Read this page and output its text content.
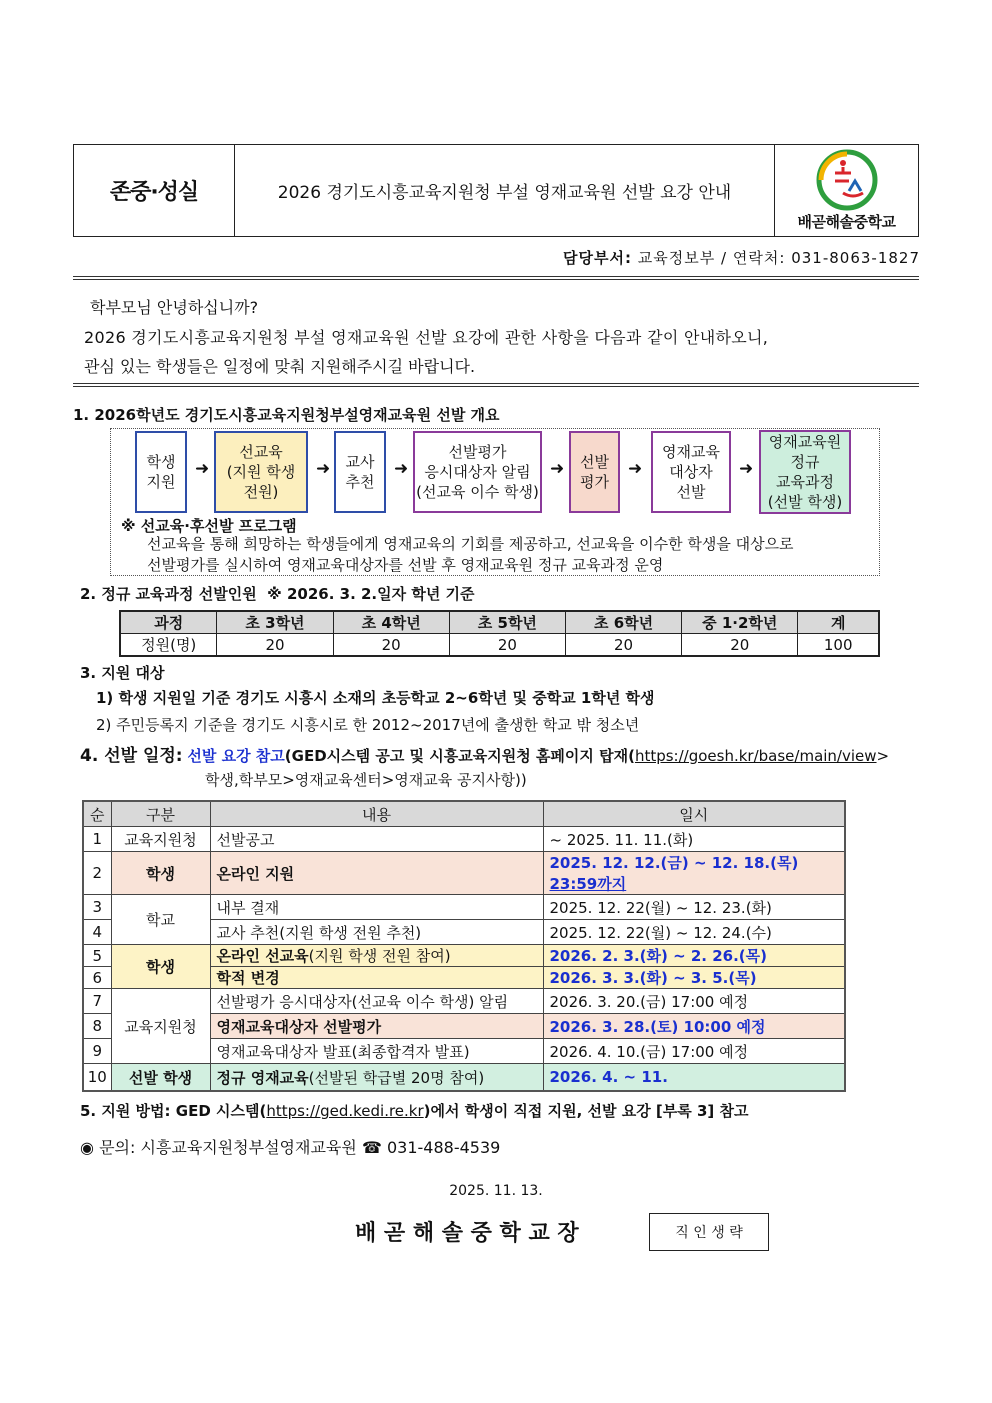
존중·성실	2026 경기도시흥교육지원청 부설 영재교육원 선발 요강 안내
배곧해솔중학교
담당부서: 교육정보부 / 연락처: 031-8063-1827
학부모님 안녕하십니까?
2026 경기도시흥교육지원청 부설 영재교육원 선발 요강에 관한 사항을 다음과 같이 안내하오니,
관심 있는 학생들은 일정에 맞춰 지원해주시길 바랍니다.
1. 2026학년도 경기도시흥교육지원청부설영재교육원 선발 개요
학생
지원
➜
선교육
(지원 학생
전원)
➜ 교사
추천
➜
선발평가
응시대상자 알림
(선교육 이수 학생)
➜ 선발
평가
➜
영재교육
대상자
선발
➜
영재교육원
정규
교육과정
(선발 학생)
※ 선교육·후선발 프로그램
선교육을 통해 희망하는 학생들에게 영재교육의 기회를 제공하고, 선교육을 이수한 학생을 대상으로
선발평가를 실시하여 영재교육대상자를 선발 후 영재교육원 정규 교육과정 운영
2. 정규 교육과정 선발인원 ※ 2026. 3. 2.일자 학년 기준
과정	초 3학년	초 4학년	초 5학년	초 6학년	중 1·2학년	계
정원(명)	20	20	20	20	20	100
3. 지원 대상
1) 학생 지원일 기준 경기도 시흥시 소재의 초등학교 2~6학년 및 중학교 1학년 학생
2) 주민등록지 기준을 경기도 시흥시로 한 2012~2017년에 출생한 학교 밖 청소년
4. 선발 일정: 선발 요강 참고(GED시스템 공고 및 시흥교육지원청 홈페이지 탑재(https://goesh.kr/base/main/view>
학생,학부모>영재교육센터>영재교육 공지사항))
순	구분	내용	일시
1	교육지원청	선발공고	~ 2025. 11. 11.(화)
2	학생	온라인 지원	2025. 12. 12.(금) ~ 12. 18.(목) 23:59까지
3	학교	내부 결재	2025. 12. 22(월) ~ 12. 23.(화)
4		교사 추천(지원 학생 전원 추천)	2025. 12. 22(월) ~ 12. 24.(수)
5	학생	온라인 선교육(지원 학생 전원 참여)	2026. 2. 3.(화) ~ 2. 26.(목)
6		학적 변경	2026. 3. 3.(화) ~ 3. 5.(목)
7	교육지원청	선발평가 응시대상자(선교육 이수 학생) 알림	2026. 3. 20.(금) 17:00 예정
8		영재교육대상자 선발평가	2026. 3. 28.(토) 10:00 예정
9		영재교육대상자 발표(최종합격자 발표)	2026. 4. 10.(금) 17:00 예정
10	선발 학생	정규 영재교육(선발된 학급별 20명 참여)	2026. 4. ~ 11.
5. 지원 방법: GED 시스템(https://ged.kedi.re.kr)에서 학생이 직접 지원, 선발 요강 [부록 3] 참고
◉ 문의: 시흥교육지원청부설영재교육원 ☎ 031-488-4539
2025. 11. 13.
배 곧 해 솔 중 학 교 장	직 인 생 략
